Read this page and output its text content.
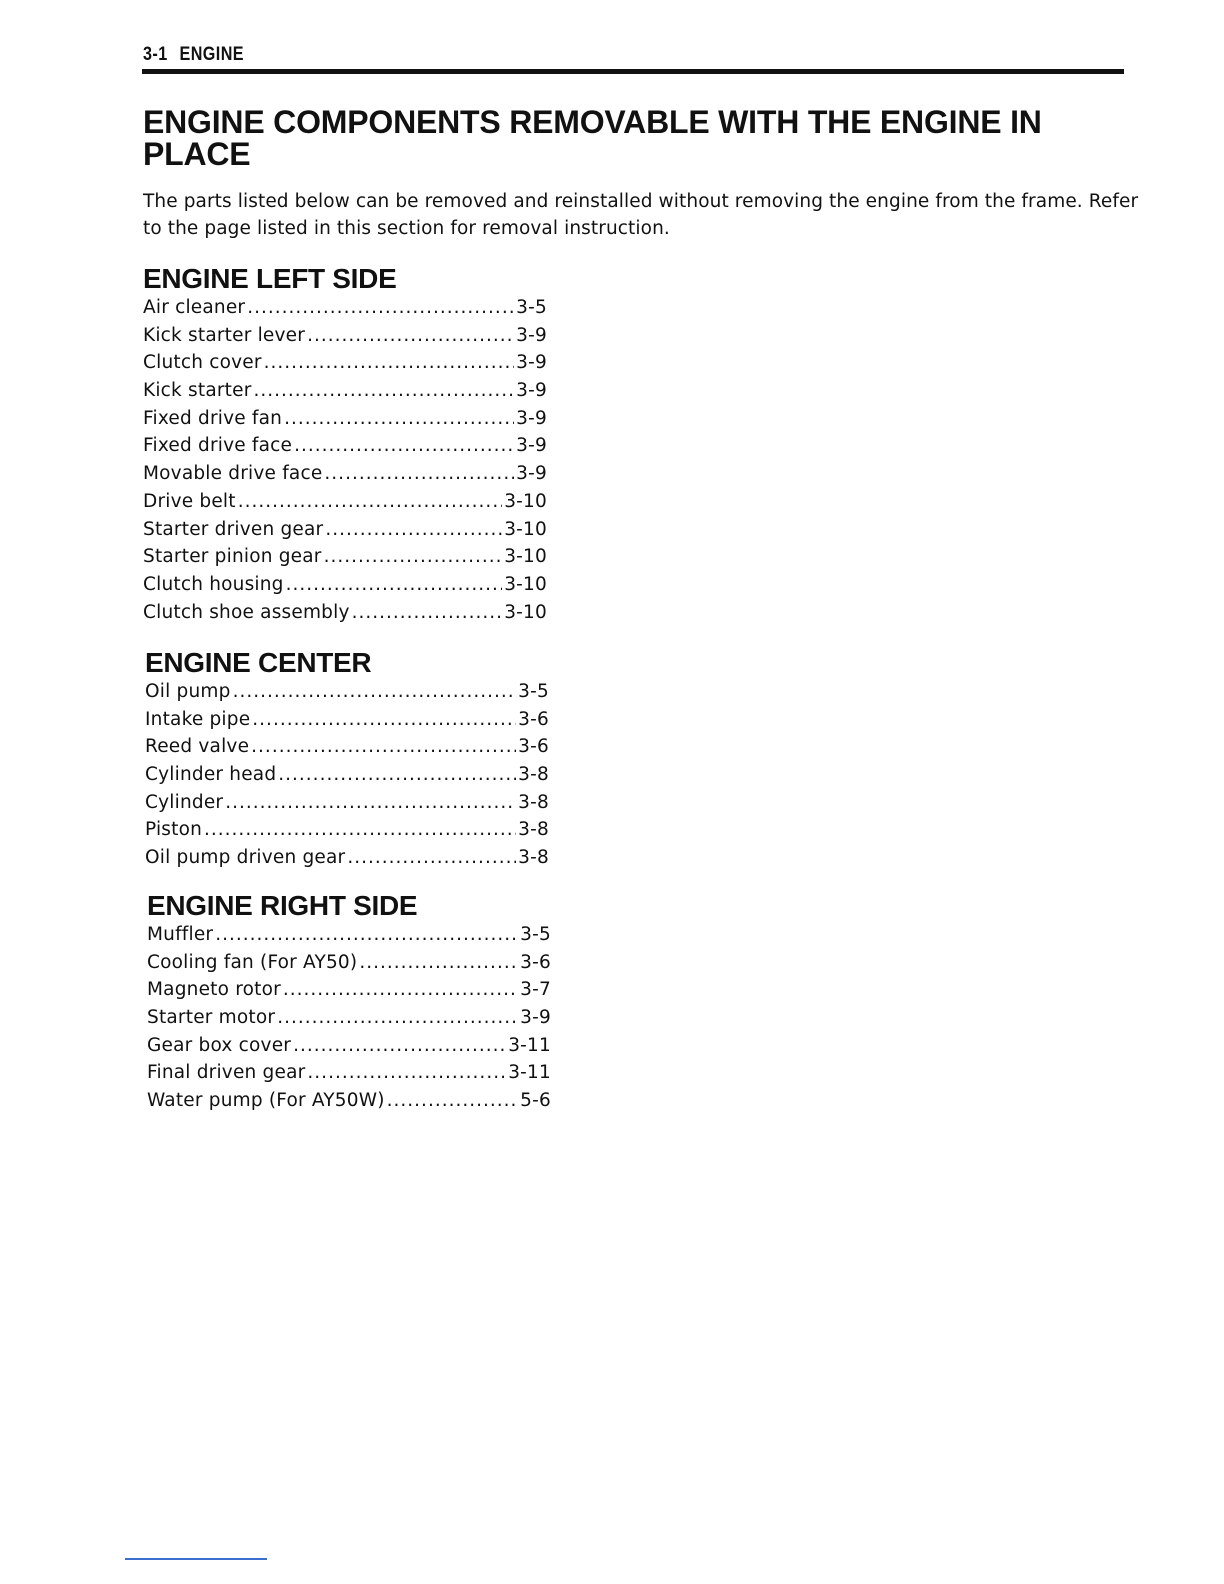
3-1 ENGINE
ENGINE COMPONENTS REMOVABLE WITH THE ENGINE IN PLACE

The parts listed below can be removed and reinstalled without removing the engine from the frame. Refer to the page listed in this section for removal instruction.

ENGINE LEFT SIDE
Air cleaner .....	3-5
Kick starter lever .....	3-9
Clutch cover .....	3-9
Kick starter .....	3-9
Fixed drive fan .....	3-9
Fixed drive face .....	3-9
Movable drive face .....	3-9
Drive belt .....	3-10
Starter driven gear .....	3-10
Starter pinion gear .....	3-10
Clutch housing .....	3-10
Clutch shoe assembly .....	3-10
ENGINE CENTER
Oil pump .....	3-5
Intake pipe .....	3-6
Reed valve .....	3-6
Cylinder head .....	3-8
Cylinder .....	3-8
Piston .....	3-8
Oil pump driven gear .....	3-8
ENGINE RIGHT SIDE
Muffler .....	3-5
Cooling fan (For AY50) .....	3-6
Magneto rotor .....	3-7
Starter motor .....	3-9
Gear box cover .....	3-11
Final driven gear .....	3-11
Water pump (For AY50W) .....	5-6
